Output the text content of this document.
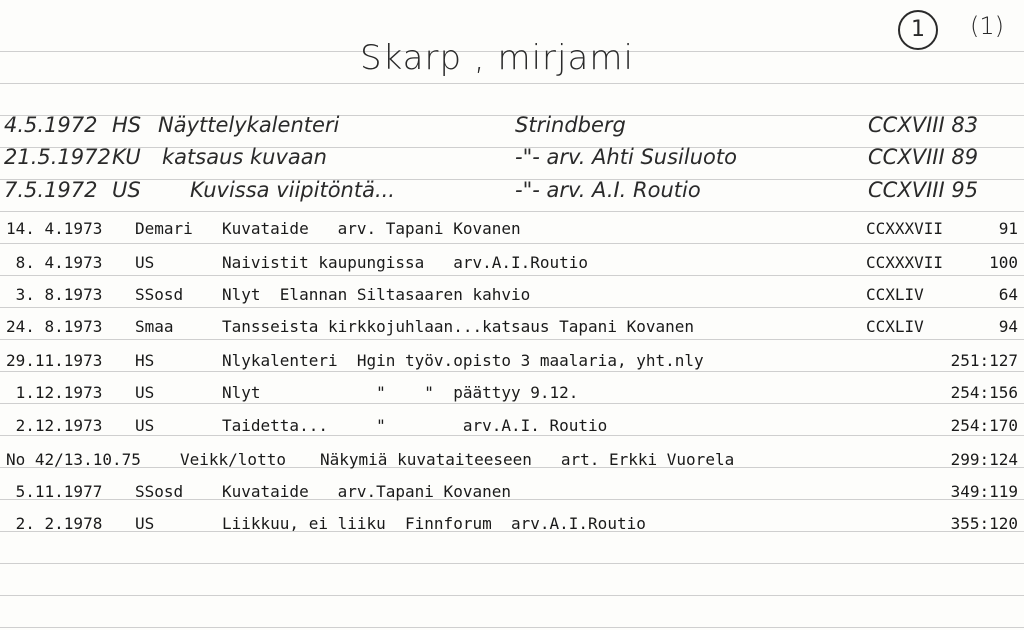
Skarp , mirjami
1	(1)
4.5.1972 HS Näyttelykalenteri	Strindberg	CCXVIII 83
21.5.1972 KU katsaus kuvaan	-"- arv. Ahti Susiluoto	CCXVIII 89
7.5.1972 US Kuvissa viipitöntä...	-"- arv. A.I. Routio	CCXVIII 95
14. 4.1973 Demari Kuvataide   arv. Tapani Kovanen	CCXXXVII	91
8. 4.1973 US	Naivistit kaupungissa   arv.A.I.Routio	CCXXXVII	100
3. 8.1973 SSosd Nlyt  Elannan Siltasaaren kahvio	CCXLIV	64
24. 8.1973 Smaa	Tansseista kirkkojuhlaan...katsaus Tapani Kovanen	CCXLIV	94
29.11.1973 HS	Nlykalenteri  Hgin työv.opisto 3 maalaria, yht.nly	251:127
1.12.1973 US	Nlyt            "    "  päättyy 9.12.	254:156
2.12.1973 US	Taidetta...     "        arv.A.I. Routio	254:170
No 42/13.10.75 Veikk/lotto Näkymiä kuvataiteeseen   art. Erkki Vuorela	299:124
5.11.1977 SSosd Kuvataide   arv.Tapani Kovanen	349:119
2. 2.1978 US	Liikkuu, ei liiku  Finnforum  arv.A.I.Routio	355:120
